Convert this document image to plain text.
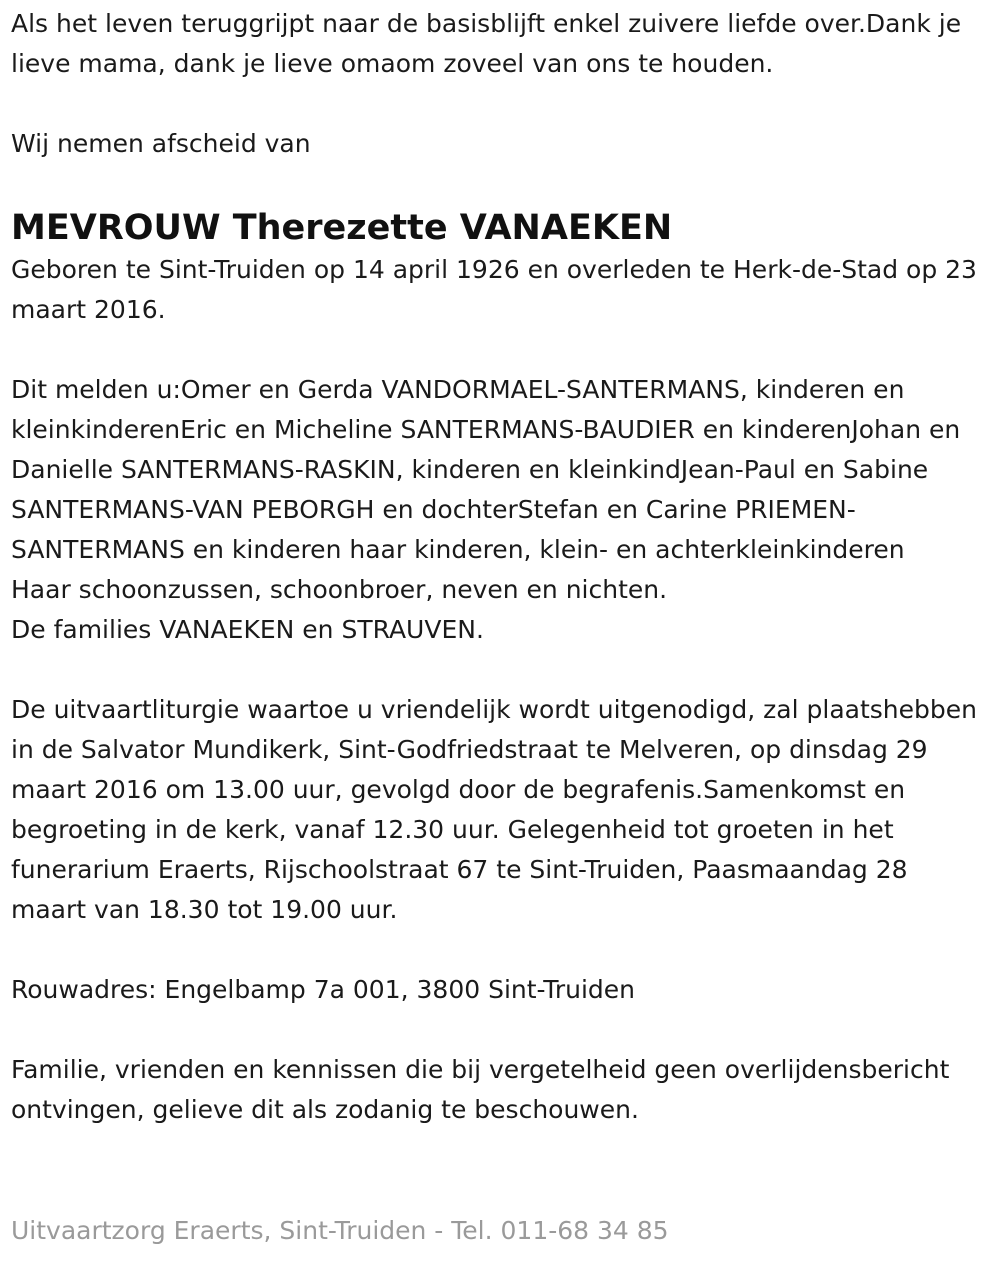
Als het leven teruggrijpt naar de basisblijft enkel zuivere liefde over.Dank je lieve mama, dank je lieve omaom zoveel van ons te houden.

Wij nemen afscheid van

MEVROUW Therezette VANAEKEN

Geboren te Sint-Truiden op 14 april 1926 en overleden te Herk-de-Stad op 23 maart 2016.

Dit melden u:Omer en Gerda VANDORMAEL-SANTERMANS, kinderen en kleinkinderenEric en Micheline SANTERMANS-BAUDIER en kinderenJohan en Danielle SANTERMANS-RASKIN, kinderen en kleinkindJean-Paul en Sabine SANTERMANS-VAN PEBORGH en dochterStefan en Carine PRIEMEN-SANTERMANS en kinderen haar kinderen, klein- en achterkleinkinderen

Haar schoonzussen, schoonbroer, neven en nichten.

De families VANAEKEN en STRAUVEN.

De uitvaartliturgie waartoe u vriendelijk wordt uitgenodigd, zal plaatshebben in de Salvator Mundikerk, Sint-Godfriedstraat te Melveren, op dinsdag 29 maart 2016 om 13.00 uur, gevolgd door de begrafenis.Samenkomst en begroeting in de kerk, vanaf 12.30 uur. Gelegenheid tot groeten in het funerarium Eraerts, Rijschoolstraat 67 te Sint-Truiden, Paasmaandag 28 maart van 18.30 tot 19.00 uur.

Rouwadres: Engelbamp 7a 001, 3800 Sint-Truiden

Familie, vrienden en kennissen die bij vergetelheid geen overlijdensbericht ontvingen, gelieve dit als zodanig te beschouwen.

Uitvaartzorg Eraerts, Sint-Truiden - Tel. 011-68 34 85
